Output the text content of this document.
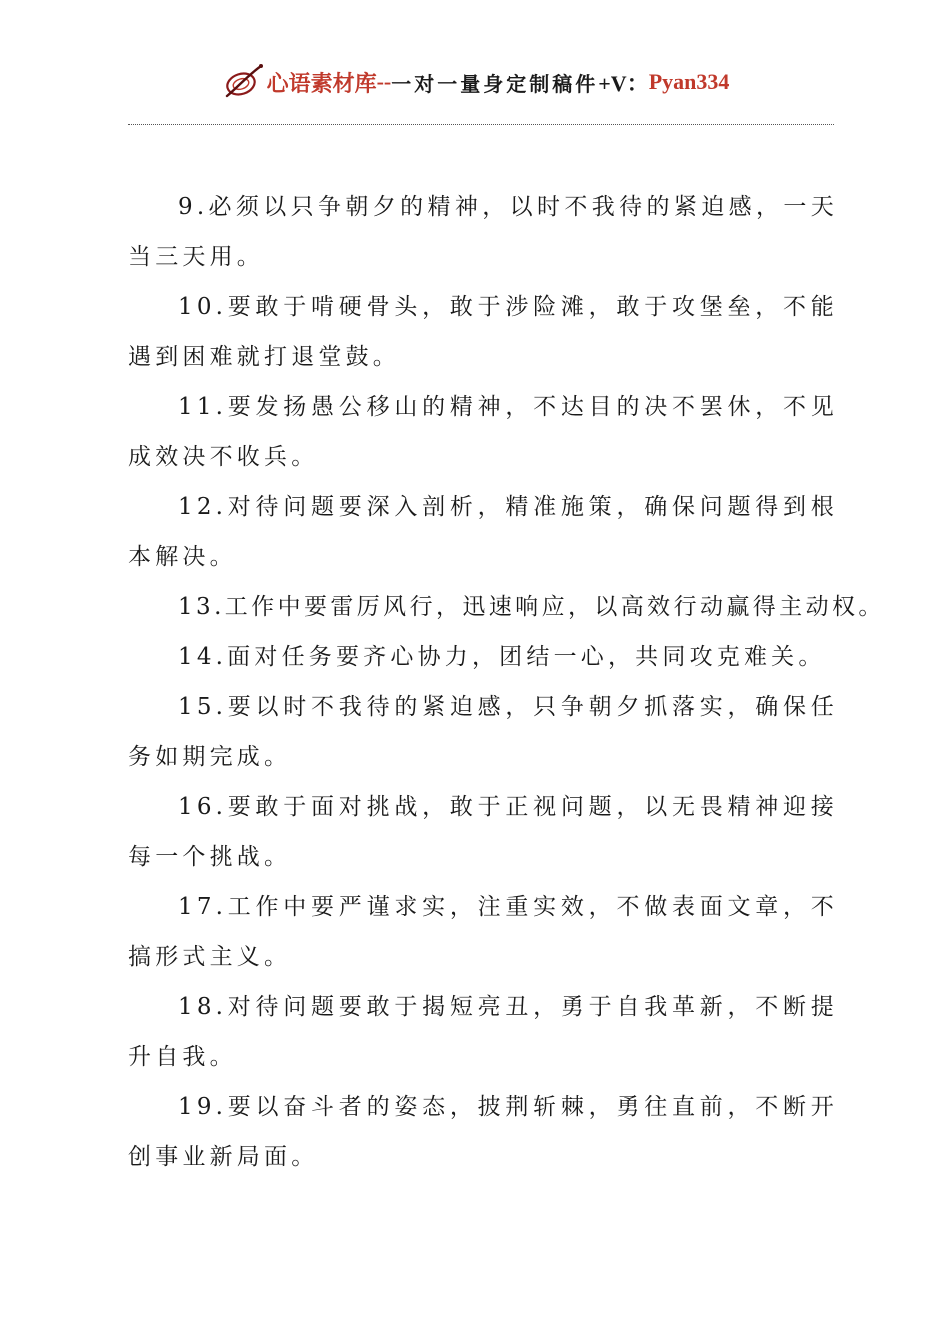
心语素材库 -- 一对一量身定制稿件 +V： Pyan334

9.必须以只争朝夕的精神，以时不我待的紧迫感，一天当三天用。

10.要敢于啃硬骨头，敢于涉险滩，敢于攻堡垒，不能遇到困难就打退堂鼓。

11.要发扬愚公移山的精神，不达目的决不罢休，不见成效决不收兵。

12.对待问题要深入剖析，精准施策，确保问题得到根本解决。

13.工作中要雷厉风行，迅速响应，以高效行动赢得主动权。

14.面对任务要齐心协力，团结一心，共同攻克难关。

15.要以时不我待的紧迫感，只争朝夕抓落实，确保任务如期完成。

16.要敢于面对挑战，敢于正视问题，以无畏精神迎接每一个挑战。

17.工作中要严谨求实，注重实效，不做表面文章，不搞形式主义。

18.对待问题要敢于揭短亮丑，勇于自我革新，不断提升自我。

19.要以奋斗者的姿态，披荆斩棘，勇往直前，不断开创事业新局面。
